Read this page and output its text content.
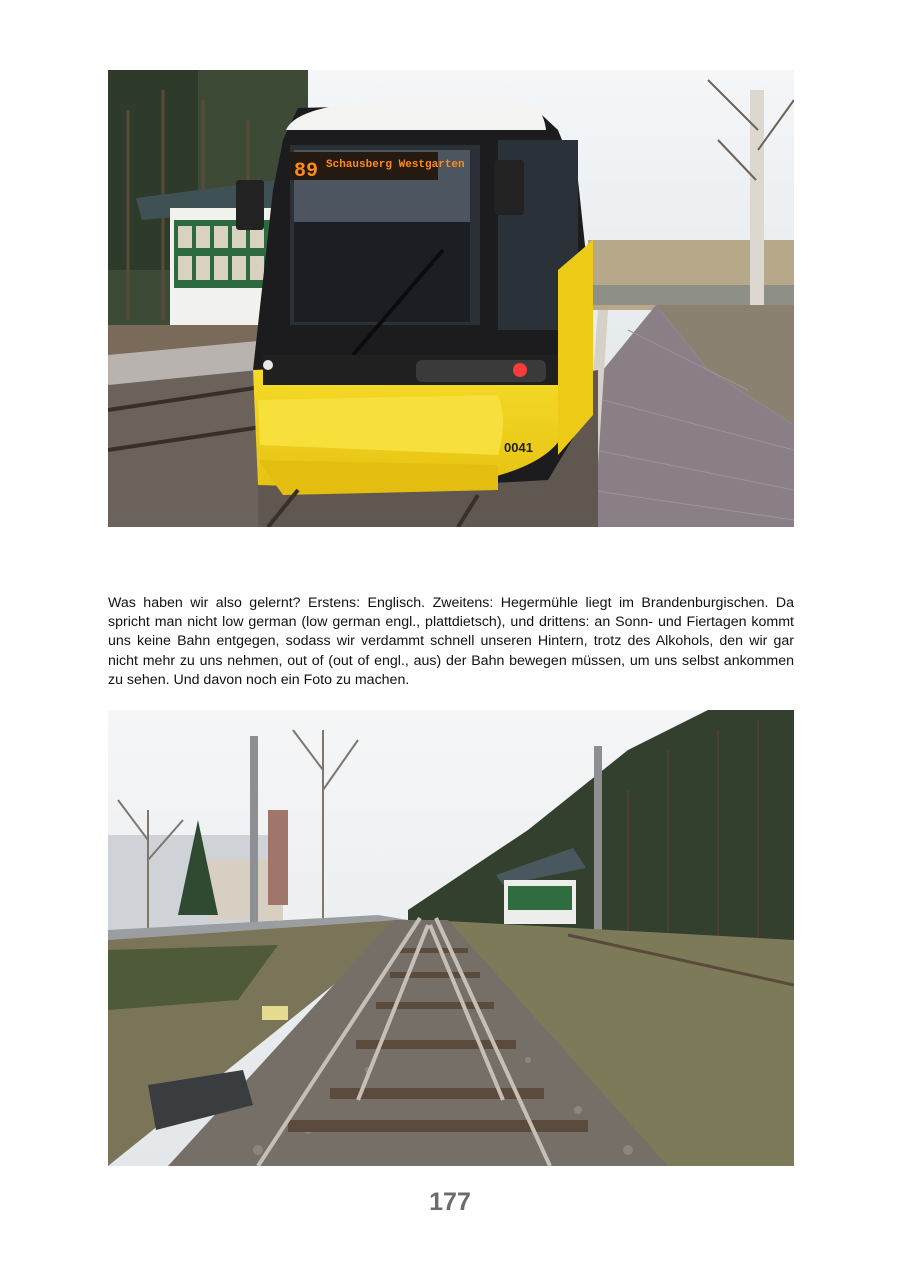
89 Schausberg Westgarten
0041

Was haben wir also gelernt? Erstens: Englisch. Zweitens: Hegermühle liegt im Brandenburgischen. Da spricht man nicht low german (low german engl., plattdietsch), und drittens: an Sonn- und Fiertagen kommt uns keine Bahn entgegen, sodass wir verdammt schnell unseren Hintern, trotz des Alkohols, den wir gar nicht mehr zu uns nehmen, out of (out of engl., aus) der Bahn bewegen müssen, um uns selbst ankommen zu sehen. Und davon noch ein Foto zu machen.

177
